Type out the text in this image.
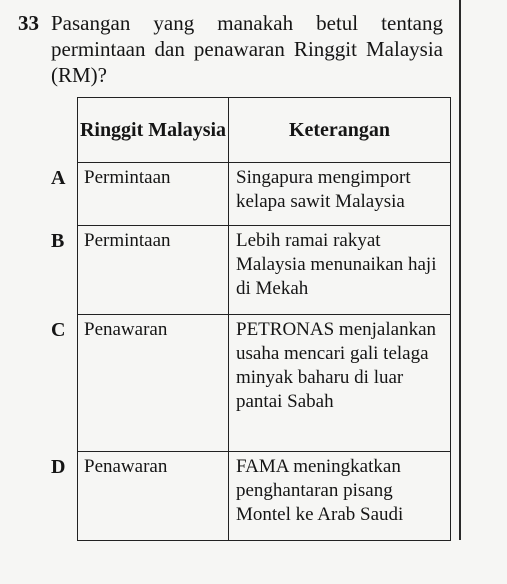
33 Pasangan yang manakah betul tentang permintaan dan penawaran Ringgit Malaysia (RM)?
	Ringgit Malaysia	Keterangan
A	Permintaan	Singapura mengimport kelapa sawit Malaysia
B	Permintaan	Lebih ramai rakyat Malaysia menunaikan haji di Mekah
C	Penawaran	PETRONAS menjalankan usaha mencari gali telaga minyak baharu di luar pantai Sabah
D	Penawaran	FAMA meningkatkan penghantaran pisang Montel ke Arab Saudi
